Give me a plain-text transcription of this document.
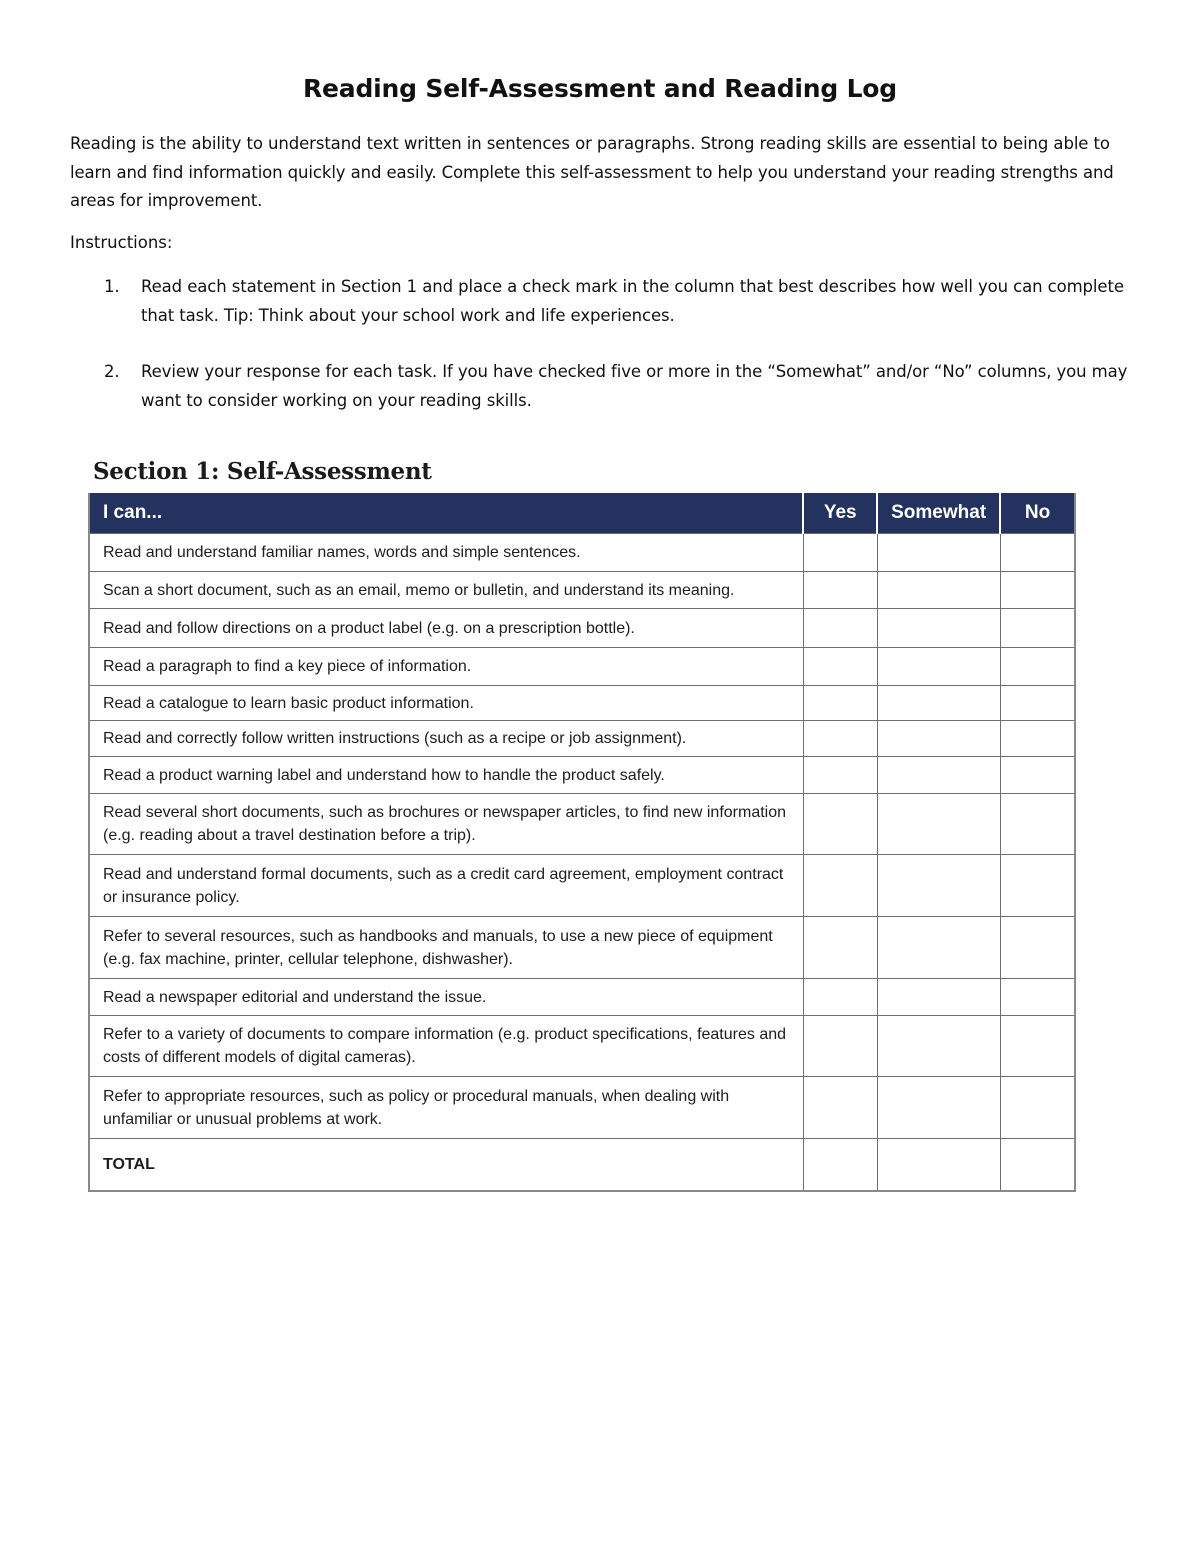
Reading Self-Assessment and Reading Log
Reading is the ability to understand text written in sentences or paragraphs. Strong reading skills are essential to being able to learn and find information quickly and easily. Complete this self-assessment to help you understand your reading strengths and areas for improvement.
Instructions:
1.	Read each statement in Section 1 and place a check mark in the column that best describes how well you can complete that task. Tip: Think about your school work and life experiences.
2.	Review your response for each task. If you have checked five or more in the “Somewhat” and/or “No” columns, you may want to consider working on your reading skills.
Section 1: Self-Assessment
I can...	Yes	Somewhat	No
Read and understand familiar names, words and simple sentences.			
Scan a short document, such as an email, memo or bulletin, and understand its meaning.			
Read and follow directions on a product label (e.g. on a prescription bottle).			
Read a paragraph to find a key piece of information.			
Read a catalogue to learn basic product information.			
Read and correctly follow written instructions (such as a recipe or job assignment).			
Read a product warning label and understand how to handle the product safely.			
Read several short documents, such as brochures or newspaper articles, to find new information (e.g. reading about a travel destination before a trip).			
Read and understand formal documents, such as a credit card agreement, employment contract or insurance policy.			
Refer to several resources, such as handbooks and manuals, to use a new piece of equipment (e.g. fax machine, printer, cellular telephone, dishwasher).			
Read a newspaper editorial and understand the issue.			
Refer to a variety of documents to compare information (e.g. product specifications, features and costs of different models of digital cameras).			
Refer to appropriate resources, such as policy or procedural manuals, when dealing with unfamiliar or unusual problems at work.			
TOTAL			
